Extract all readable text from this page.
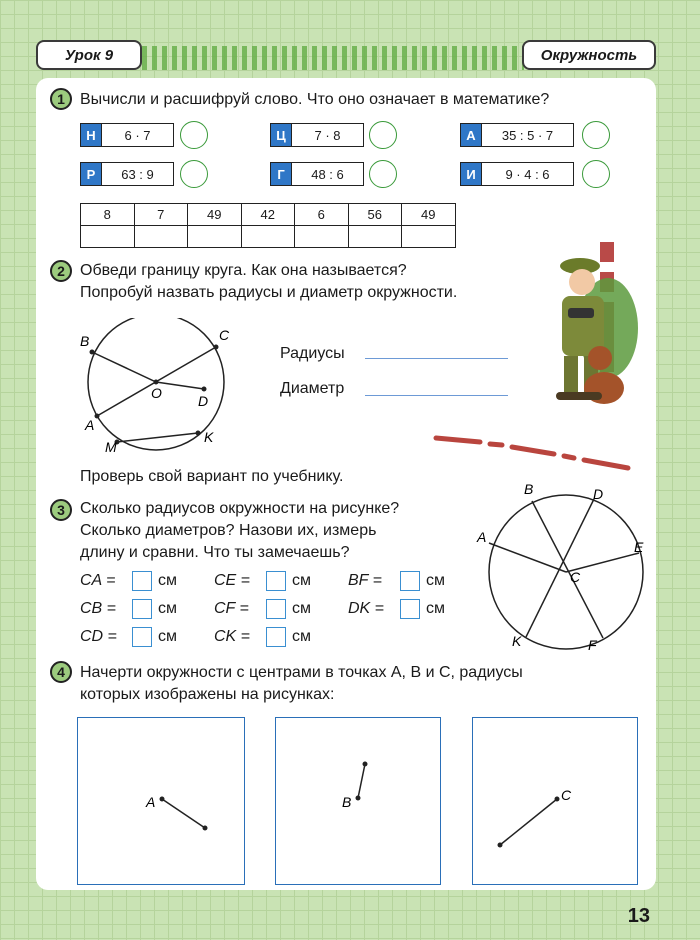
Урок 9	Окружность
1 Вычисли и расшифруй слово. Что оно означает в математике?
Н	6 · 7	Ц	7 · 8	А	35 : 5 · 7
Р	63 : 9	Г	48 : 6	И	9 · 4 : 6
8	7	49	42	6	56	49

2 Обведи границу круга. Как она называется?
Попробуй назвать радиусы и диаметр окружности.
B	C
O	D
A
M
K
Радиусы
Диаметр
Проверь свой вариант по учебнику.
3 Сколько радиусов окружности на рисунке?
Сколько диаметров? Назови их, измерь
длину и сравни. Что ты замечаешь?
CA =	см CE =	см BF =	см
CB =	см CF =	см DK =	см
CD =	см CK =	см
B	D
A
E
C
K	F
4 Начерти окружности с центрами в точках A, B и C, радиусы
которых изображены на рисунках:
A	B	C
13
